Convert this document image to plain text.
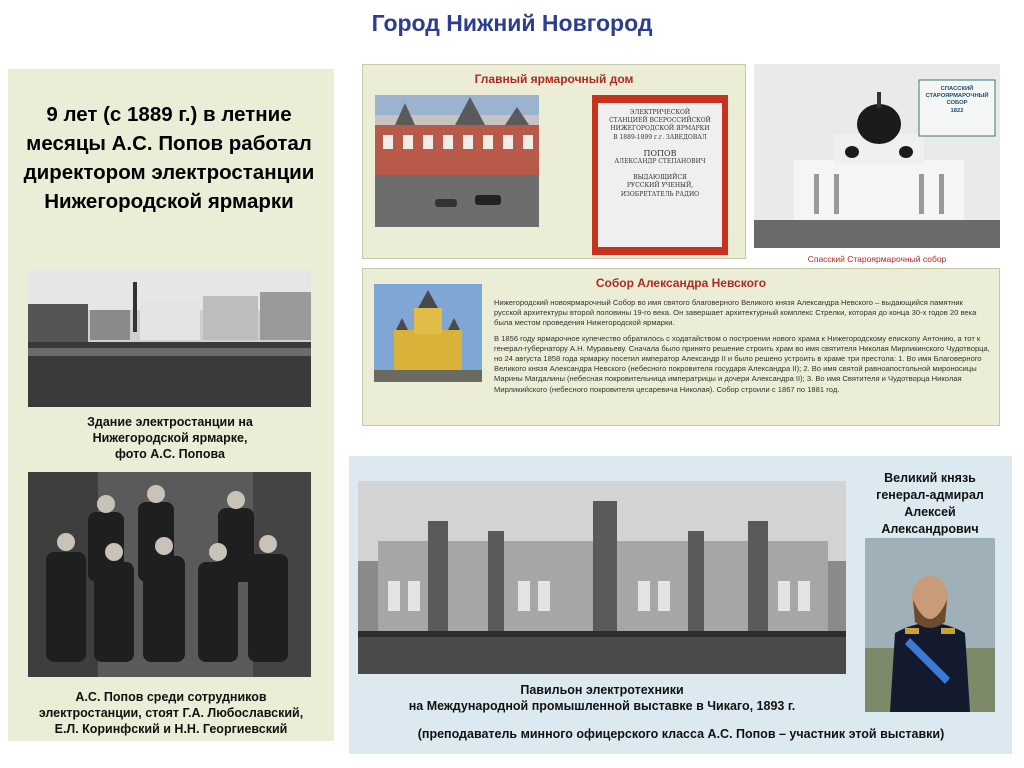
Город Нижний Новгород
9 лет (с 1889 г.) в летние месяцы А.С. Попов работал директором электростанции Нижегородской ярмарки
Здание электростанции на
Нижегородской ярмарке,
фото А.С. Попова
А.С. Попов среди сотрудников
электростанции, стоят Г.А. Любославский,
Е.Л. Коринфский и Н.Н. Георгиевский
Главный ярмарочный дом
ЭЛЕКТРИЧЕСКОЙ
СТАНЦИЕЙ ВСЕРОССИЙСКОЙ
НИЖЕГОРОДСКОЙ ЯРМАРКИ
В 1889-1899 г.г. ЗАВЕДОВАЛ
ПОПОВ
АЛЕКСАНДР СТЕПАНОВИЧ
ВЫДАЮЩИЙСЯ
РУССКИЙ УЧЕНЫЙ,
ИЗОБРЕТАТЕЛЬ РАДИО
СПАССКИЙ
СТАРОЯРМАРОЧНЫЙ
СОБОР
1822
Спасский Староярмарочный собор
Собор Александра Невского

Нижегородский новоярмарочный Собор во имя святого благоверного Великого князя Александра Невского – выдающийся памятник русской архитектуры второй половины 19-го века. Он завершает архитектурный комплекс Стрелки, которая до конца 30-х годов 20 века была местом проведения Нижегородской ярмарки.

В 1856 году ярмарочное купечество обратилось с ходатайством о построении нового храма к Нижегородскому епископу Антонию, а тот к генерал-губернатору А.Н. Муравьеву. Сначала было принято решение строить храм во имя святителя Николая Мирликинского Чудотворца, но 24 августа 1858 года ярмарку посетил император Александр II и было решено устроить в храме три престола: 1. Во имя Благоверного Великого князя Александра Невского (небесного покровителя государя Александра II); 2. Во имя святой равноапостольной мироносицы Марины Магдалины (небесная покровительница императрицы и дочери Александра II); 3. Во имя Святителя и Чудотворца Николая Мирликийского (небесного покровителя цесаревича Николая). Собор строили с 1867 по 1881 год.

Павильон электротехники
на Международной промышленной выставке в Чикаго, 1893 г.
(преподаватель минного офицерского класса А.С. Попов – участник этой выставки)
Великий князь
генерал-адмирал
Алексей
Александрович
